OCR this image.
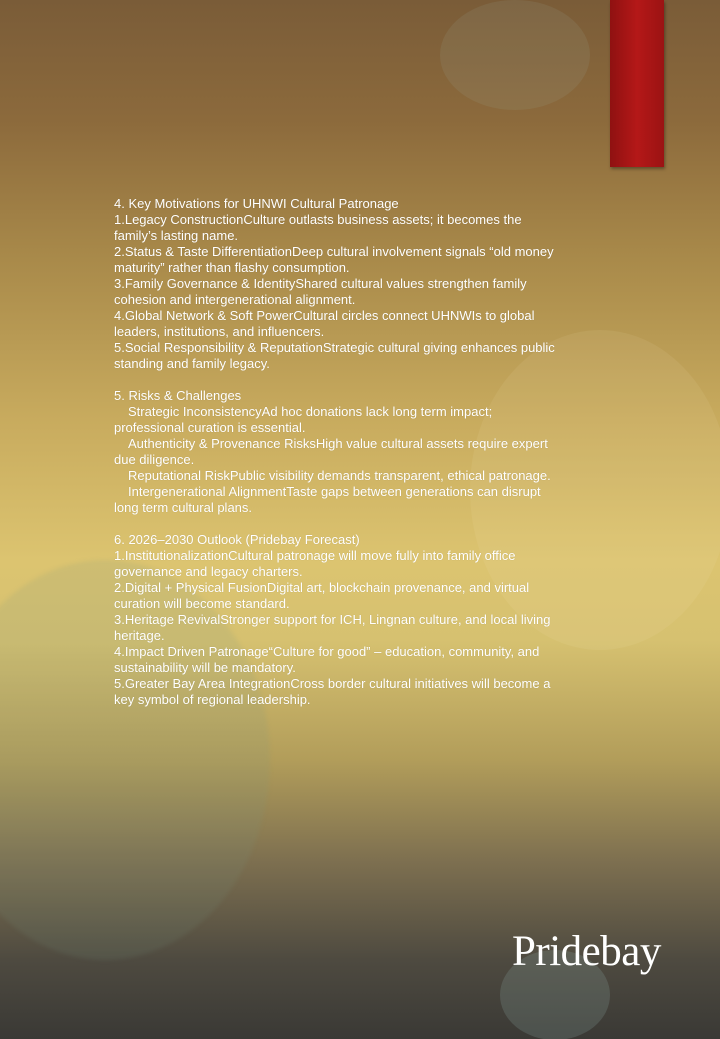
4. Key Motivations for UHNWI Cultural Patronage

1.Legacy ConstructionCulture outlasts business assets; it becomes the family’s lasting name.

2.Status & Taste DifferentiationDeep cultural involvement signals “old money maturity” rather than flashy consumption.

3.Family Governance & IdentityShared cultural values strengthen family cohesion and intergenerational alignment.

4.Global Network & Soft PowerCultural circles connect UHNWIs to global leaders, institutions, and influencers.

5.Social Responsibility & ReputationStrategic cultural giving enhances public standing and family legacy.

5. Risks & Challenges

Strategic InconsistencyAd hoc donations lack long term impact; professional curation is essential.

Authenticity & Provenance RisksHigh value cultural assets require expert due diligence.

Reputational RiskPublic visibility demands transparent, ethical patronage.

Intergenerational AlignmentTaste gaps between generations can disrupt long term cultural plans.

6. 2026–2030 Outlook (Pridebay Forecast)

1.InstitutionalizationCultural patronage will move fully into family office governance and legacy charters.

2.Digital + Physical FusionDigital art, blockchain provenance, and virtual curation will become standard.

3.Heritage RevivalStronger support for ICH, Lingnan culture, and local living heritage.

4.Impact Driven Patronage“Culture for good” – education, community, and sustainability will be mandatory.

5.Greater Bay Area IntegrationCross border cultural initiatives will become a key symbol of regional leadership.

Pridebay
